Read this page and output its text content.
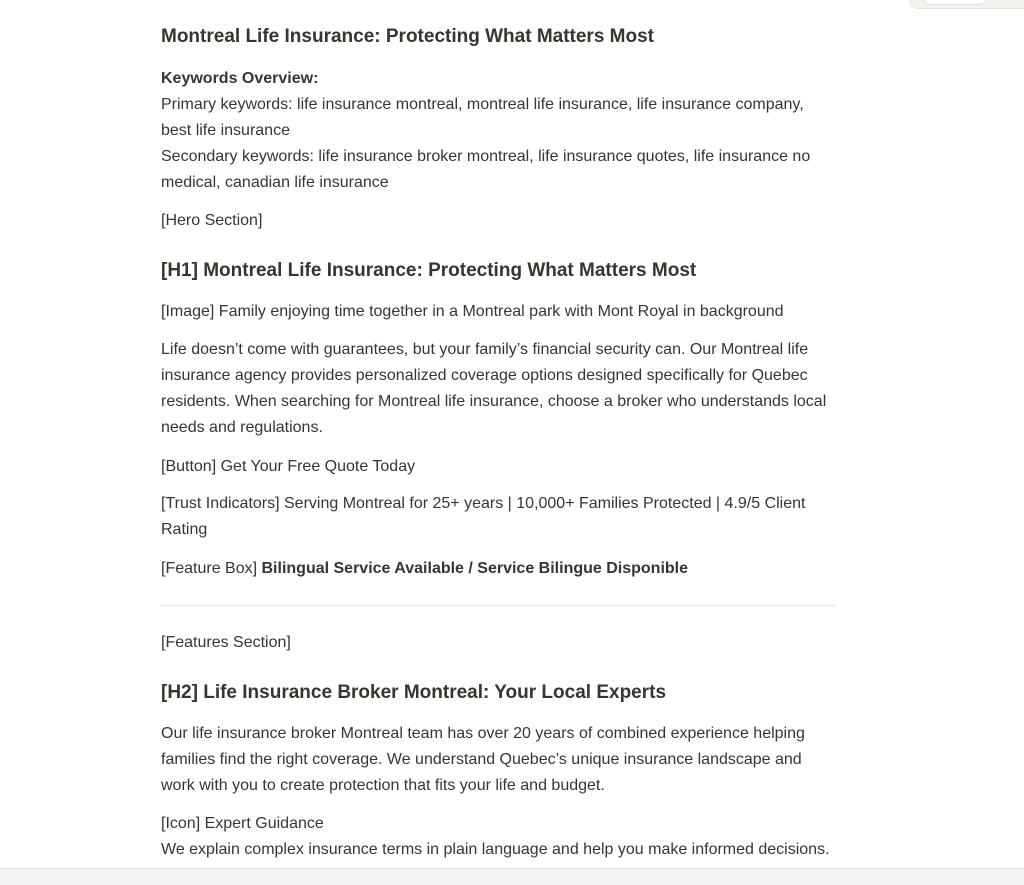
Montreal Life Insurance: Protecting What Matters Most

Keywords Overview:
Primary keywords: life insurance montreal, montreal life insurance, life insurance company, best life insurance
Secondary keywords: life insurance broker montreal, life insurance quotes, life insurance no medical, canadian life insurance

[Hero Section]

[H1] Montreal Life Insurance: Protecting What Matters Most

[Image] Family enjoying time together in a Montreal park with Mont Royal in background

Life doesn’t come with guarantees, but your family’s financial security can. Our Montreal life insurance agency provides personalized coverage options designed specifically for Quebec residents. When searching for Montreal life insurance, choose a broker who understands local needs and regulations.

[Button] Get Your Free Quote Today

[Trust Indicators] Serving Montreal for 25+ years | 10,000+ Families Protected | 4.9/5 Client Rating

[Feature Box] Bilingual Service Available / Service Bilingue Disponible

[Features Section]

[H2] Life Insurance Broker Montreal: Your Local Experts

Our life insurance broker Montreal team has over 20 years of combined experience helping families find the right coverage. We understand Quebec’s unique insurance landscape and work with you to create protection that fits your life and budget.

[Icon] Expert Guidance
We explain complex insurance terms in plain language and help you make informed decisions.
